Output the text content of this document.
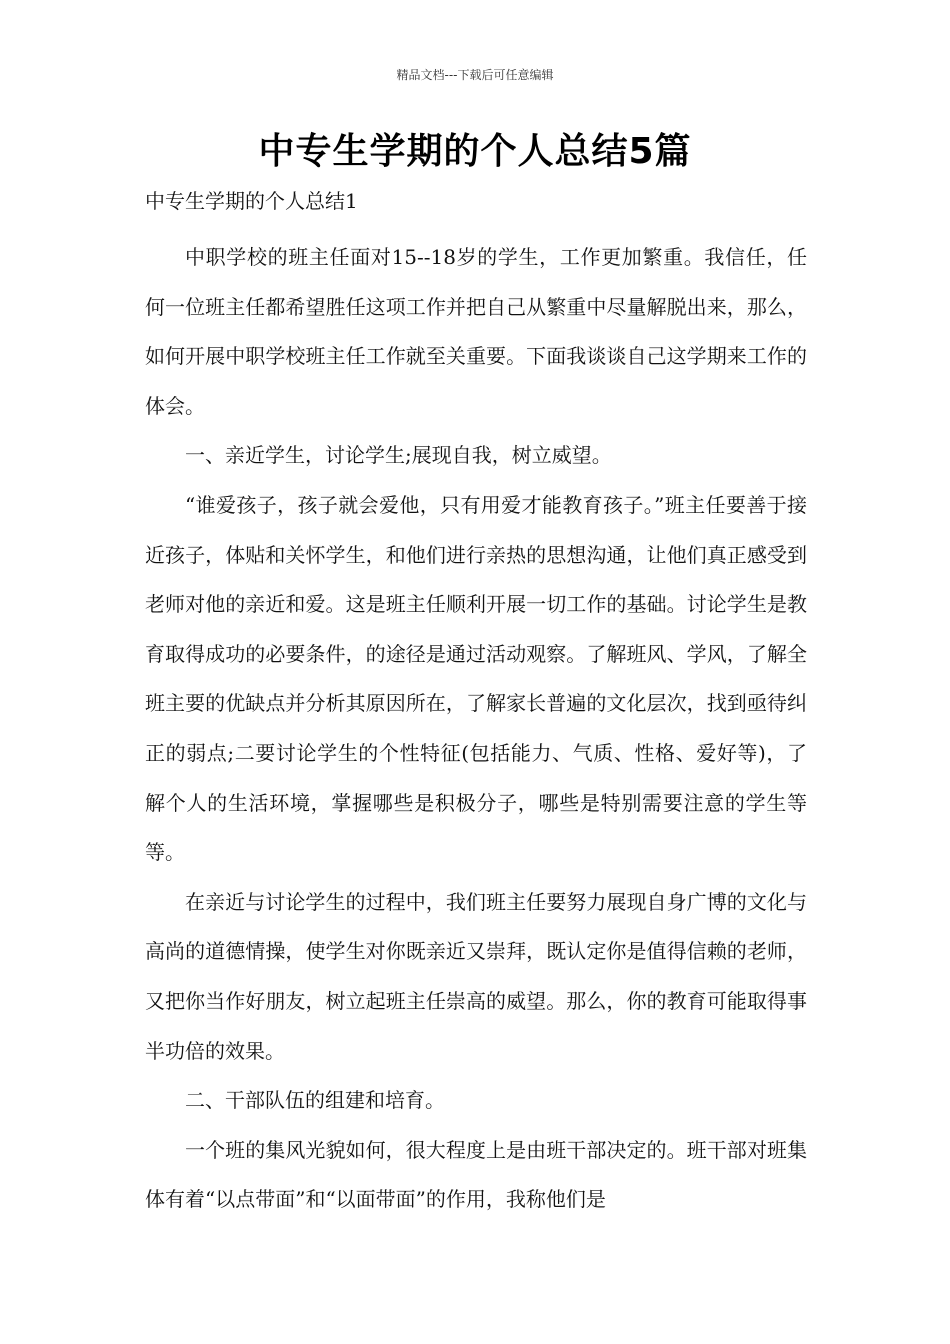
精品文档---下载后可任意编辑
中专生学期的个人总结5篇
中专生学期的个人总结1

中职学校的班主任面对15--18岁的学生，工作更加繁重。我信任，任何一位班主任都希望胜任这项工作并把自己从繁重中尽量解脱出来，那么，如何开展中职学校班主任工作就至关重要。下面我谈谈自己这学期来工作的体会。

一、亲近学生，讨论学生;展现自我，树立威望。

“谁爱孩子，孩子就会爱他，只有用爱才能教育孩子。”班主任要善于接近孩子，体贴和关怀学生，和他们进行亲热的思想沟通，让他们真正感受到老师对他的亲近和爱。这是班主任顺利开展一切工作的基础。讨论学生是教育取得成功的必要条件，的途径是通过活动观察。了解班风、学风，了解全班主要的优缺点并分析其原因所在，了解家长普遍的文化层次，找到亟待纠正的弱点;二要讨论学生的个性特征(包括能力、气质、性格、爱好等)，了解个人的生活环境，掌握哪些是积极分子，哪些是特别需要注意的学生等等。

在亲近与讨论学生的过程中，我们班主任要努力展现自身广博的文化与高尚的道德情操，使学生对你既亲近又崇拜，既认定你是值得信赖的老师，又把你当作好朋友，树立起班主任崇高的威望。那么，你的教育可能取得事半功倍的效果。

二、干部队伍的组建和培育。

一个班的集风光貌如何，很大程度上是由班干部决定的。班干部对班集体有着“以点带面”和“以面带面”的作用，我称他们是
